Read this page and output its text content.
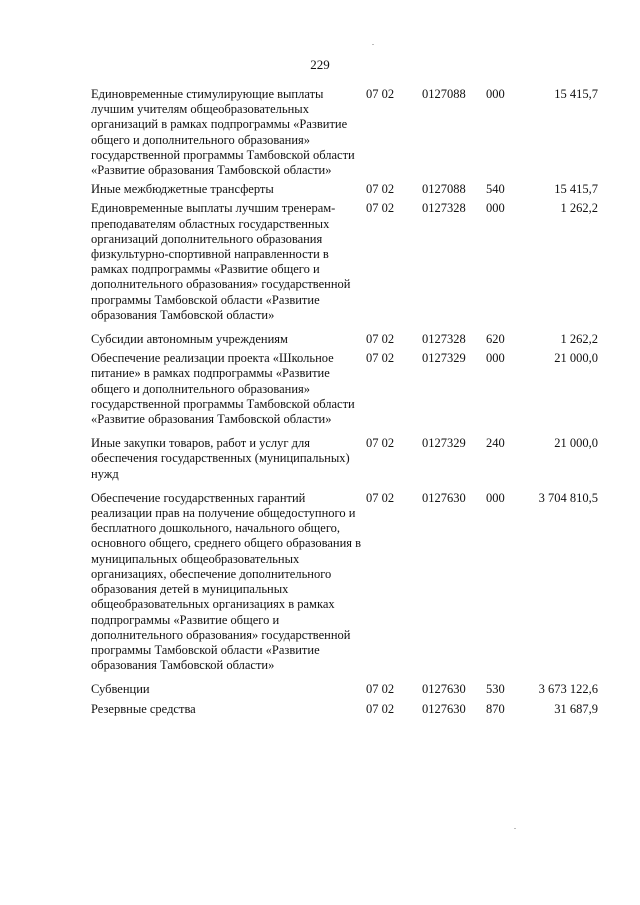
229
Единовременные стимулирующие выплаты лучшим учителям общеобразовательных организаций в рамках подпрограммы «Развитие общего и дополнительного образования» государственной программы Тамбовской области «Развитие образования Тамбовской области»	07 02	0127088	000	15 415,7
Иные межбюджетные трансферты	07 02	0127088	540	15 415,7
Единовременные выплаты лучшим тренерам-преподавателям областных государственных организаций дополнительного образования физкультурно-спортивной направленности в рамках подпрограммы «Развитие общего и дополнительного образования» государственной программы Тамбовской области «Развитие образования Тамбовской области»	07 02	0127328	000	1 262,2
Субсидии автономным учреждениям	07 02	0127328	620	1 262,2
Обеспечение реализации проекта «Школьное питание» в рамках подпрограммы «Развитие общего и дополнительного образования» государственной программы Тамбовской области «Развитие образования Тамбовской области»	07 02	0127329	000	21 000,0
Иные закупки товаров, работ и услуг для обеспечения государственных (муниципальных) нужд	07 02	0127329	240	21 000,0
Обеспечение государственных гарантий реализации прав на получение общедоступного и бесплатного дошкольного, начального общего, основного общего, среднего общего образования в муниципальных общеобразовательных организациях, обеспечение дополнительного образования детей в муниципальных общеобразовательных организациях в рамках подпрограммы «Развитие общего и дополнительного образования» государственной программы Тамбовской области «Развитие образования Тамбовской области»	07 02	0127630	000	3 704 810,5
Субвенции	07 02	0127630	530	3 673 122,6
Резервные средства	07 02	0127630	870	31 687,9
